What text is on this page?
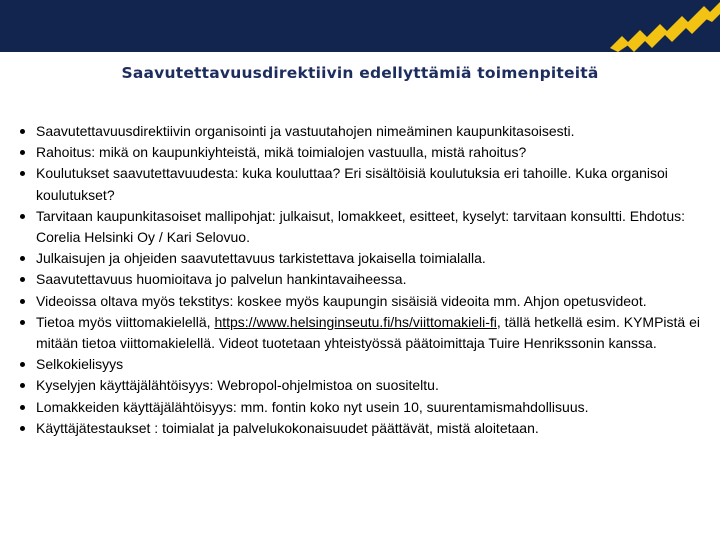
Saavutettavuusdirektiivin edellyttämiä toimenpiteitä
Saavutettavuusdirektiivin organisointi ja vastuutahojen nimeäminen kaupunkitasoisesti.
Rahoitus: mikä on kaupunkiyhteistä, mikä toimialojen vastuulla, mistä rahoitus?
Koulutukset saavutettavuudesta: kuka kouluttaa? Eri sisältöisiä koulutuksia eri tahoille. Kuka organisoi koulutukset?
Tarvitaan kaupunkitasoiset mallipohjat: julkaisut, lomakkeet, esitteet, kyselyt: tarvitaan konsultti. Ehdotus: Corelia Helsinki Oy / Kari Selovuo.
Julkaisujen ja ohjeiden saavutettavuus tarkistettava jokaisella toimialalla.
Saavutettavuus huomioitava jo palvelun hankintavaiheessa.
Videoissa oltava myös tekstitys: koskee myös kaupungin sisäisiä videoita mm. Ahjon opetusvideot.
Tietoa myös viittomakielellä, https://www.helsinginseutu.fi/hs/viittomakieli-fi, tällä hetkellä esim. KYMPistä ei mitään tietoa viittomakielellä. Videot tuotetaan yhteistyössä päätoimittaja Tuire Henrikssonin kanssa.
Selkokielisyys
Kyselyjen käyttäjälähtöisyys: Webropol-ohjelmistoa on suositeltu.
Lomakkeiden käyttäjälähtöisyys: mm. fontin koko nyt usein 10, suurentamismahdollisuus.
Käyttäjätestaukset : toimialat ja palvelukokonaisuudet päättävät, mistä aloitetaan.
